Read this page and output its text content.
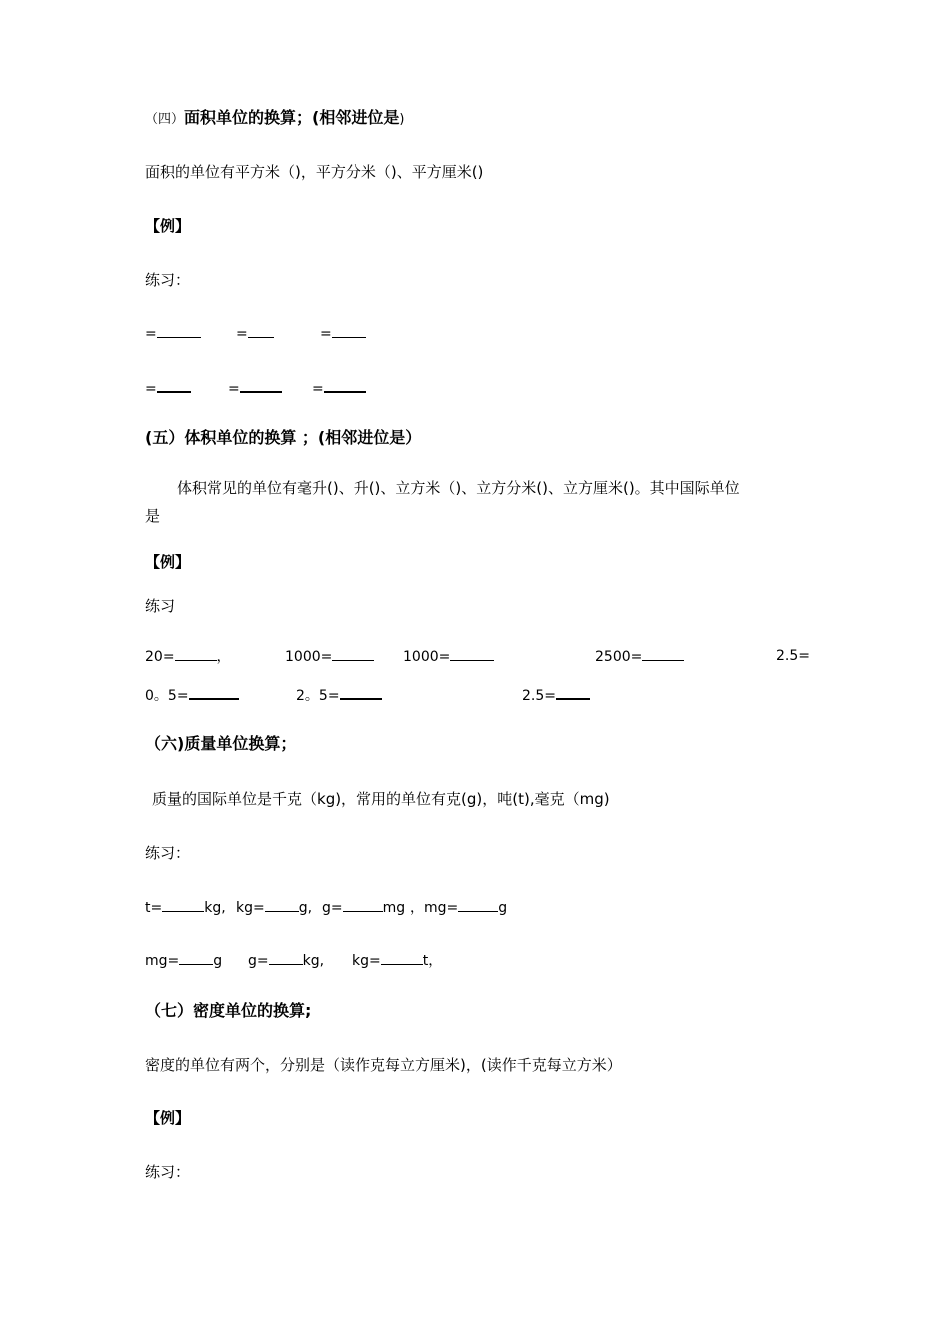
（四）面积单位的换算；(相邻进位是)
面积的单位有平方米（)，平方分米（)、平方厘米()
【例】
练习：
=	=	=
=	=	=
(五）体积单位的换算 ；(相邻进位是）
体积常见的单位有毫升()、升()、立方米（)、立方分米()、立方厘米()。其中国际单位
是
【例】
练习
20=	，	1000=	1000=	2500=	2.5=
0。5=	2。5=	2.5=
（六)质量单位换算；
质量的国际单位是千克（kg)，常用的单位有克(g)，吨(t),毫克（mg)
练习：
t=	kg, kg= g, g=	mg ，mg=	g
mg= g g= kg, kg=	t，
（七）密度单位的换算;
密度的单位有两个，分别是（读作克每立方厘米)，(读作千克每立方米）
【例】
练习：
